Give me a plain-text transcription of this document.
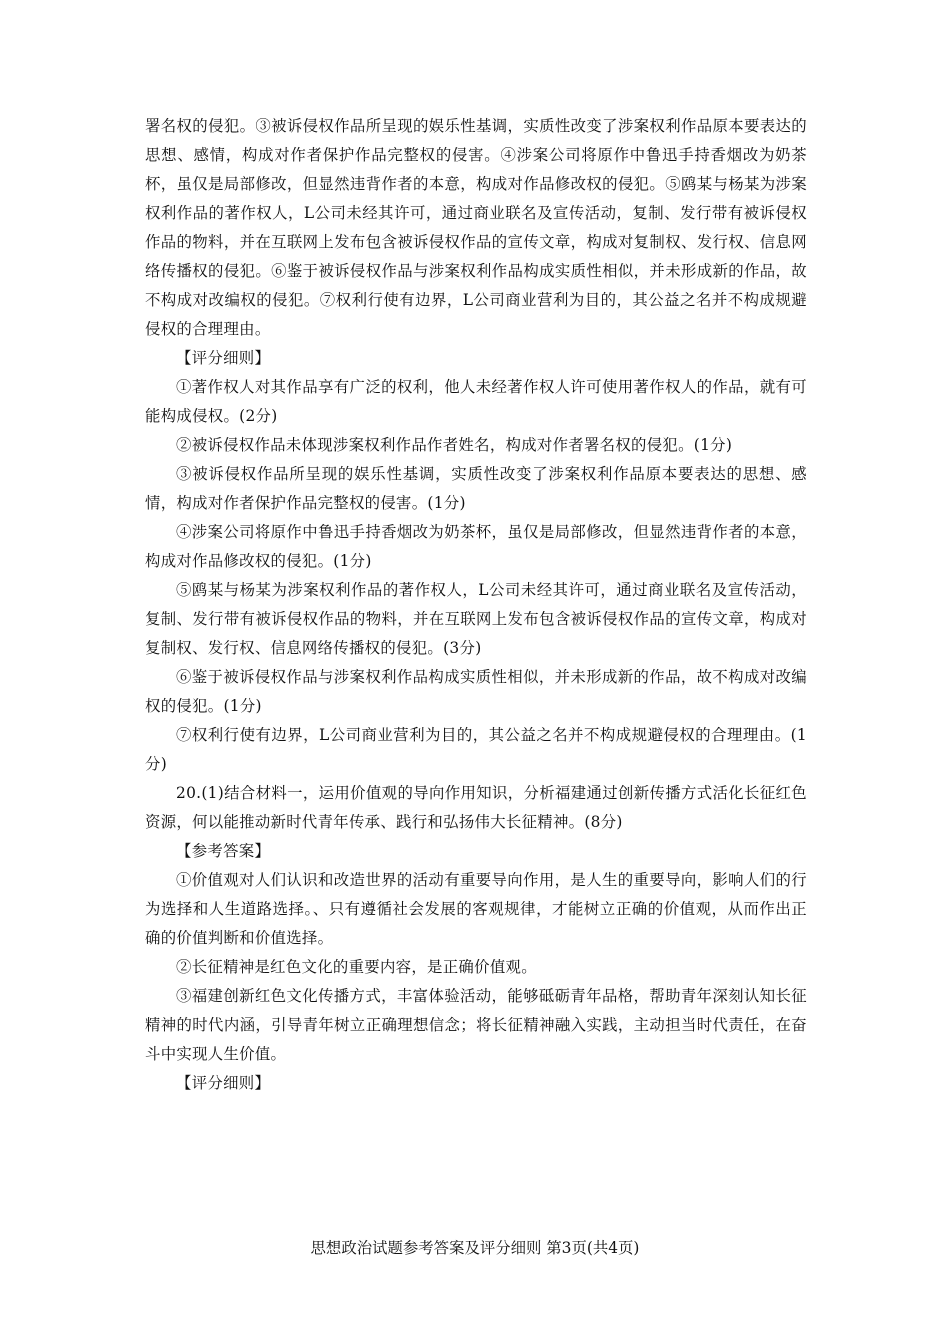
署名权的侵犯。③被诉侵权作品所呈现的娱乐性基调，实质性改变了涉案权利作品原本要表达的思想、感情，构成对作者保护作品完整权的侵害。④涉案公司将原作中鲁迅手持香烟改为奶茶杯，虽仅是局部修改，但显然违背作者的本意，构成对作品修改权的侵犯。⑤鸥某与杨某为涉案权利作品的著作权人，L公司未经其许可，通过商业联名及宣传活动，复制、发行带有被诉侵权作品的物料，并在互联网上发布包含被诉侵权作品的宣传文章，构成对复制权、发行权、信息网络传播权的侵犯。⑥鉴于被诉侵权作品与涉案权利作品构成实质性相似，并未形成新的作品，故不构成对改编权的侵犯。⑦权利行使有边界，L公司商业营利为目的，其公益之名并不构成规避侵权的合理理由。

【评分细则】

①著作权人对其作品享有广泛的权利，他人未经著作权人许可使用著作权人的作品，就有可能构成侵权。(2分)

②被诉侵权作品未体现涉案权利作品作者姓名，构成对作者署名权的侵犯。(1分)

③被诉侵权作品所呈现的娱乐性基调，实质性改变了涉案权利作品原本要表达的思想、感情，构成对作者保护作品完整权的侵害。(1分)

④涉案公司将原作中鲁迅手持香烟改为奶茶杯，虽仅是局部修改，但显然违背作者的本意，构成对作品修改权的侵犯。(1分)

⑤鸥某与杨某为涉案权利作品的著作权人，L公司未经其许可，通过商业联名及宣传活动，复制、发行带有被诉侵权作品的物料，并在互联网上发布包含被诉侵权作品的宣传文章，构成对复制权、发行权、信息网络传播权的侵犯。(3分)

⑥鉴于被诉侵权作品与涉案权利作品构成实质性相似，并未形成新的作品，故不构成对改编权的侵犯。(1分)

⑦权利行使有边界，L公司商业营利为目的，其公益之名并不构成规避侵权的合理理由。(1分)

20.(1)结合材料一，运用价值观的导向作用知识，分析福建通过创新传播方式活化长征红色资源，何以能推动新时代青年传承、践行和弘扬伟大长征精神。(8分)

【参考答案】

①价值观对人们认识和改造世界的活动有重要导向作用，是人生的重要导向，影响人们的行为选择和人生道路选择。、只有遵循社会发展的客观规律，才能树立正确的价值观，从而作出正确的价值判断和价值选择。

②长征精神是红色文化的重要内容，是正确价值观。

③福建创新红色文化传播方式，丰富体验活动，能够砥砺青年品格，帮助青年深刻认知长征精神的时代内涵，引导青年树立正确理想信念；将长征精神融入实践，主动担当时代责任，在奋斗中实现人生价值。

【评分细则】

思想政治试题参考答案及评分细则 第3页(共4页)
